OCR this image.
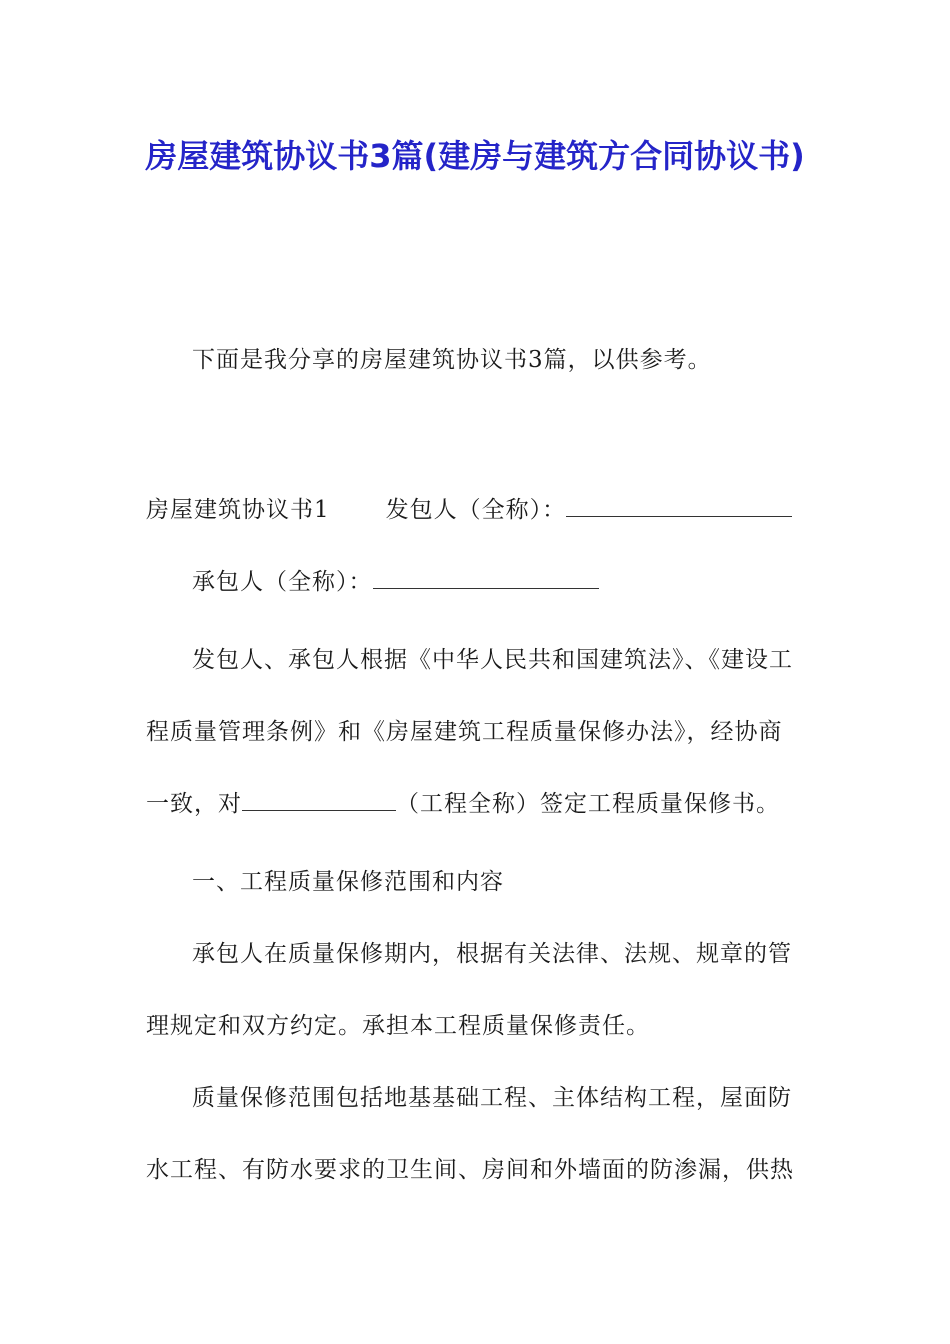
房屋建筑协议书3篇(建房与建筑方合同协议书)

下面是我分享的房屋建筑协议书3篇，以供参考。

房屋建筑协议书1 发包人（全称）：
承包人（全称）：

发包人、承包人根据《中华人民共和国建筑法》、《建设工程质量管理条例》和《房屋建筑工程质量保修办法》，经协商一致，对	（工程全称）签定工程质量保修书。

一、工程质量保修范围和内容

承包人在质量保修期内，根据有关法律、法规、规章的管理规定和双方约定。承担本工程质量保修责任。

质量保修范围包括地基基础工程、主体结构工程，屋面防水工程、有防水要求的卫生间、房间和外墙面的防渗漏，供热
